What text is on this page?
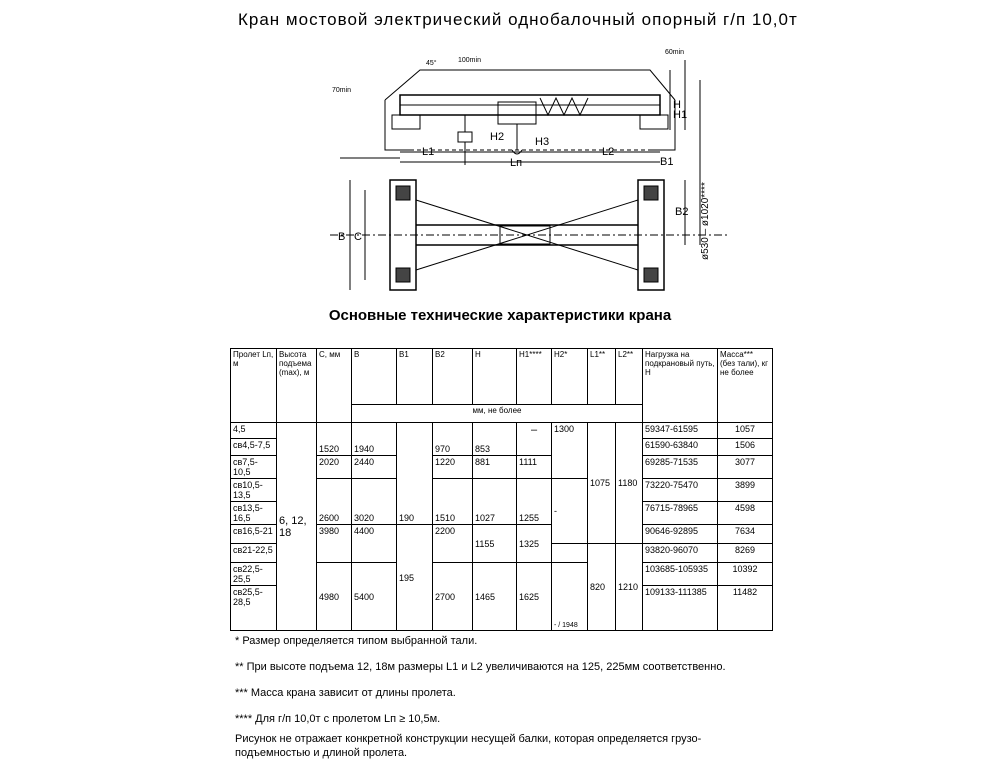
Кран мостовой электрический однобалочный опорный г/п 10,0т
100min
60min
70min
45°
H
H1
H2	H3
L1	L2
Lп
B C
B1
B2 ø530 – ø1020****
Основные технические характеристики крана
Пролет Lп, м	Высота подъема (max), м	С, мм	В	В1	В2	Н	Н1****	Н2*	L1**	L2**	Нагрузка на подкрановый путь, Н	Масса*** (без тали), кг не более
			мм, не более									
4,5	6, 12, 18	1520	1940	190	970	853	–	1300	1075	1180	59347-61595	1057
св4,5-7,5											61590-63840	1506
св7,5-10,5		2020	2440		1220	881	1111				69285-71535	3077
св10,5-13,5		2600	3020		1510	1027	1255	-			73220-75470	3899
св13,5-16,5											76715-78965	4598
св16,5-21		3980	4400	195	2200	1155	1325				90646-92895	7634
св21-22,5									820	1210	93820-96070	8269
св22,5-25,5		4980	5400		2700	1465	1625	- / 1948			103685-105935	10392
св25,5-28,5											109133-111385	11482
* Размер определяется типом выбранной тали.
** При высоте подъема 12, 18м размеры L1 и L2 увеличиваются на 125, 225мм соответственно.
*** Масса крана зависит от длины пролета.
**** Для г/п 10,0т с пролетом Lп ≥ 10,5м.
Рисунок не отражает конкретной конструкции несущей балки, которая определяется грузо-
подъемностью и длиной пролета.
